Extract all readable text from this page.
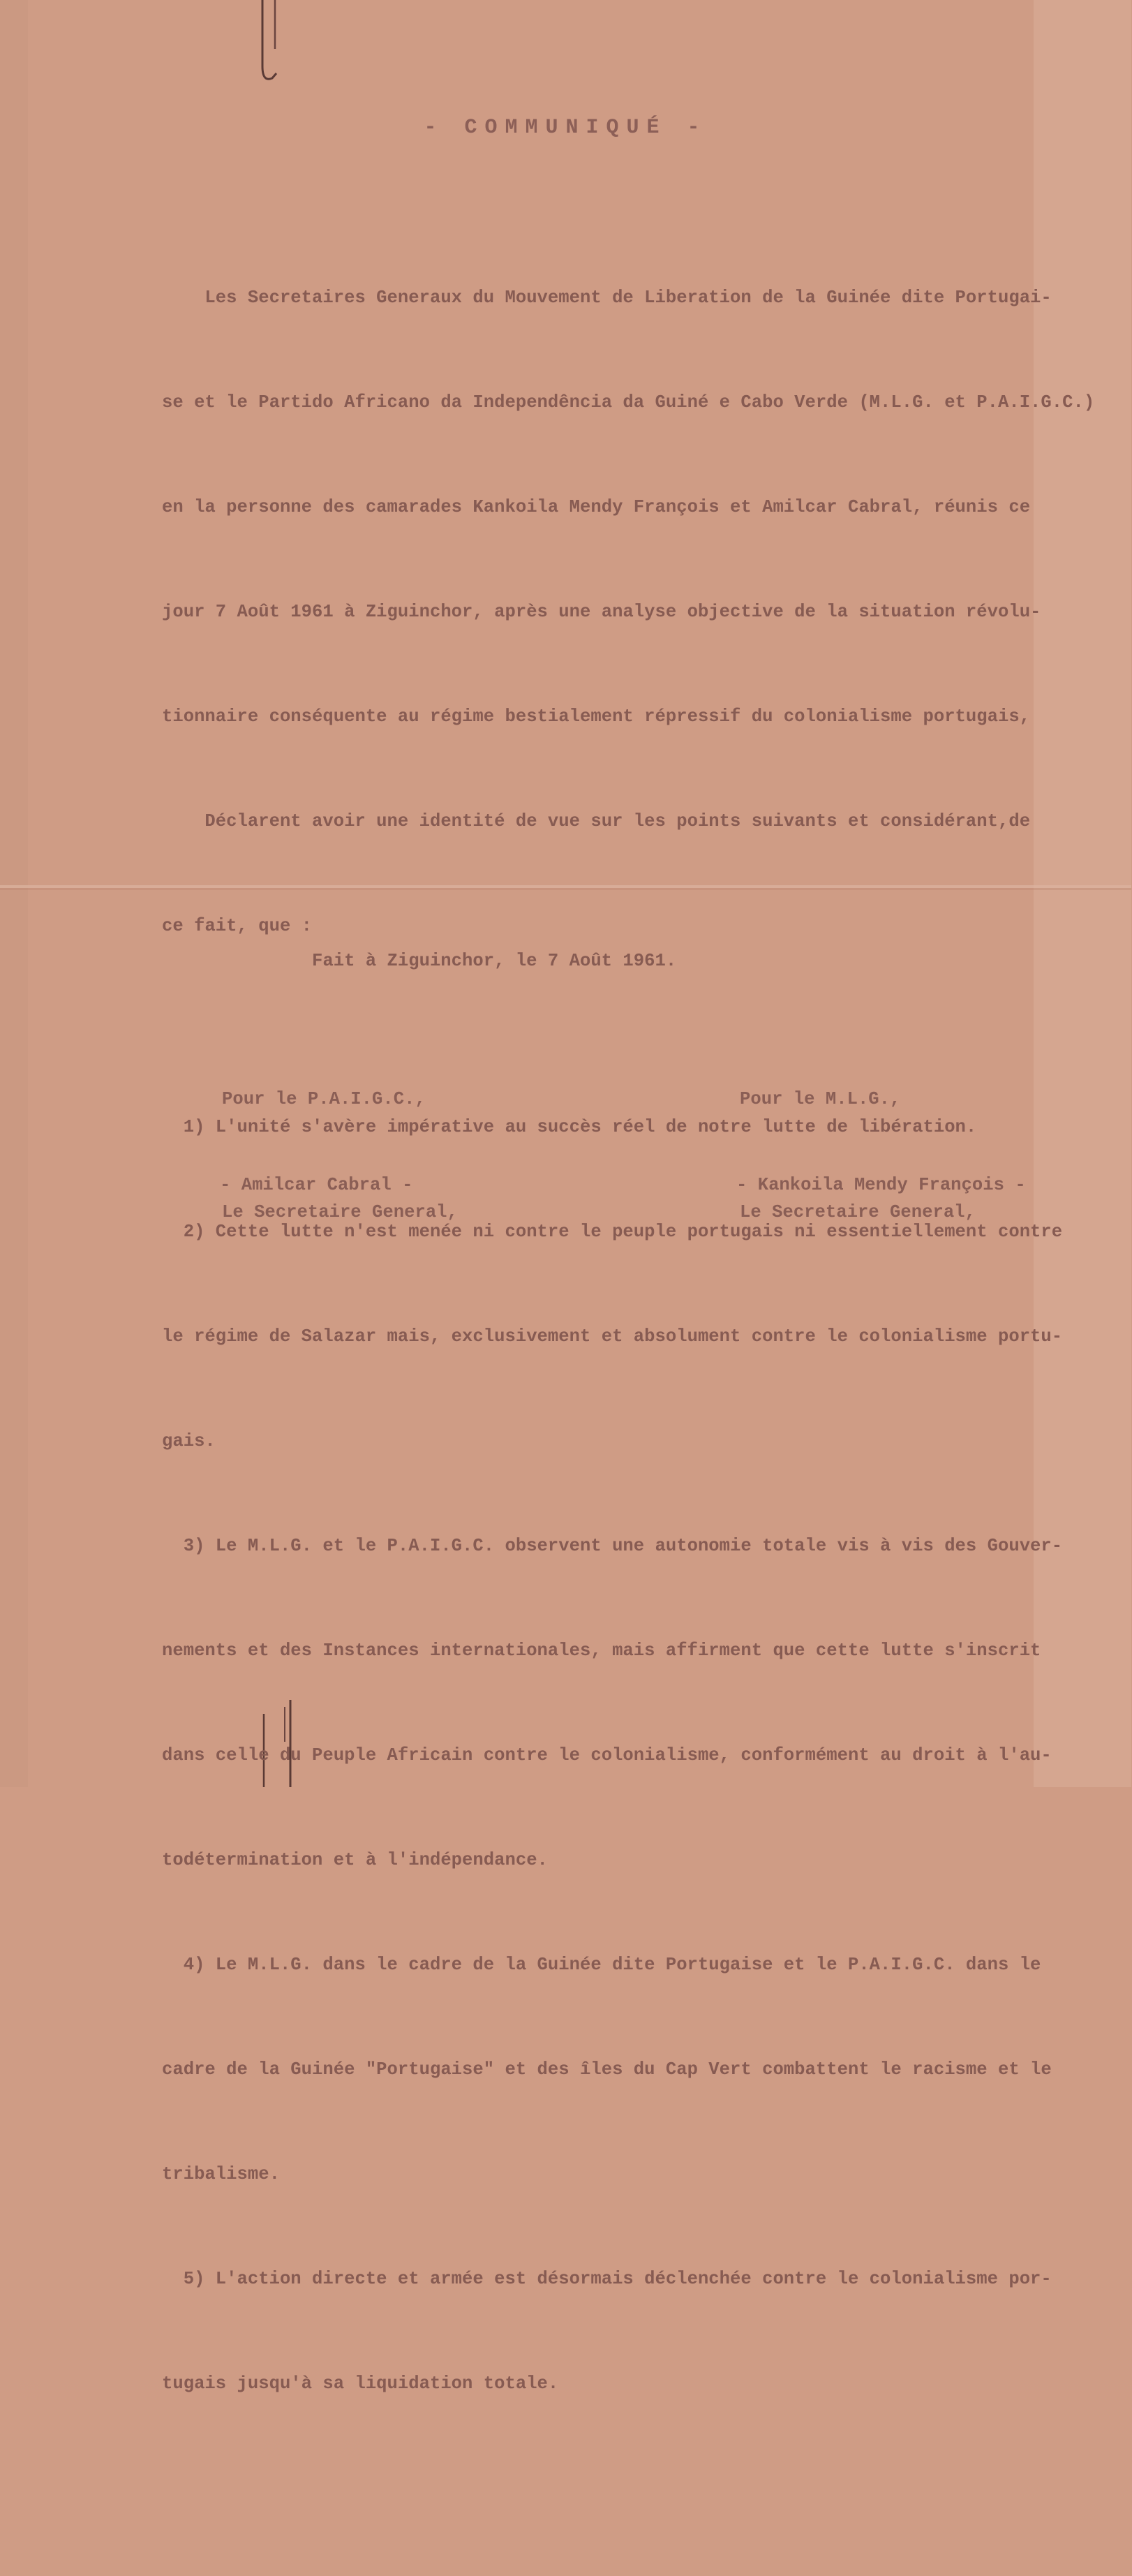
- COMMUNIQUÉ -

Les Secretaires Generaux du Mouvement de Liberation de la Guinée dite Portugai-

se et le Partido Africano da Independência da Guiné e Cabo Verde (M.L.G. et P.A.I.G.C.)

en la personne des camarades Kankoila Mendy François et Amilcar Cabral, réunis ce

jour 7 Août 1961 à Ziguinchor, après une analyse objective de la situation révolu-

tionnaire conséquente au régime bestialement répressif du colonialisme portugais,

Déclarent avoir une identité de vue sur les points suivants et considérant,de

ce fait, que :

1) L'unité s'avère impérative au succès réel de notre lutte de libération.

2) Cette lutte n'est menée ni contre le peuple portugais ni essentiellement contre

le régime de Salazar mais, exclusivement et absolument contre le colonialisme portu-

gais.

3) Le M.L.G. et le P.A.I.G.C. observent une autonomie totale vis à vis des Gouver-

nements et des Instances internationales, mais affirment que cette lutte s'inscrit

dans celle du Peuple Africain contre le colonialisme, conformément au droit à l'au-

todétermination et à l'indépendance.

4) Le M.L.G. dans le cadre de la Guinée dite Portugaise et le P.A.I.G.C. dans le

cadre de la Guinée "Portugaise" et des îles du Cap Vert combattent le racisme et le

tribalisme.

5) L'action directe et armée est désormais déclenchée contre le colonialisme por-

tugais jusqu'à sa liquidation totale.

Fait à Ziguinchor, le 7 Août 1961.

Pour le P.A.I.G.C.,

Le Secretaire General,

Pour le M.L.G.,

Le Secretaire General,

- Amilcar Cabral -	- Kankoila Mendy François -
